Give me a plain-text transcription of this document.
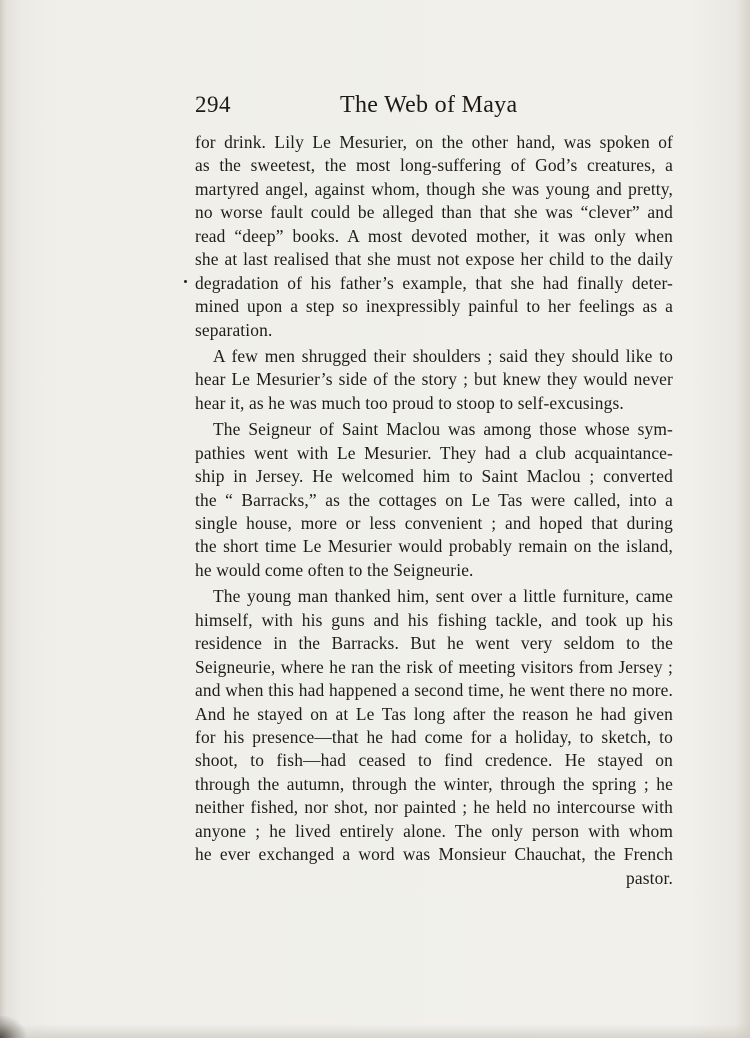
294	The Web of Maya

for drink. Lily Le Mesurier, on the other hand, was spoken of
as the sweetest, the most long-suffering of God’s creatures, a
martyred angel, against whom, though she was young and pretty,
no worse fault could be alleged than that she was “clever” and
read “deep” books. A most devoted mother, it was only when
she at last realised that she must not expose her child to the daily
degradation of his father’s example, that she had finally deter-
mined upon a step so inexpressibly painful to her feelings as a
separation.

A few men shrugged their shoulders ; said they should like to
hear Le Mesurier’s side of the story ; but knew they would never
hear it, as he was much too proud to stoop to self-excusings.

The Seigneur of Saint Maclou was among those whose sym-
pathies went with Le Mesurier. They had a club acquaintance-
ship in Jersey. He welcomed him to Saint Maclou ; converted
the “ Barracks,” as the cottages on Le Tas were called, into a
single house, more or less convenient ; and hoped that during
the short time Le Mesurier would probably remain on the island,
he would come often to the Seigneurie.

The young man thanked him, sent over a little furniture, came
himself, with his guns and his fishing tackle, and took up his
residence in the Barracks. But he went very seldom to the
Seigneurie, where he ran the risk of meeting visitors from Jersey ;
and when this had happened a second time, he went there no more.
And he stayed on at Le Tas long after the reason he had given
for his presence—that he had come for a holiday, to sketch, to
shoot, to fish—had ceased to find credence. He stayed on
through the autumn, through the winter, through the spring ; he
neither fished, nor shot, nor painted ; he held no intercourse with
anyone ; he lived entirely alone. The only person with whom
he ever exchanged a word was Monsieur Chauchat, the French

pastor.
